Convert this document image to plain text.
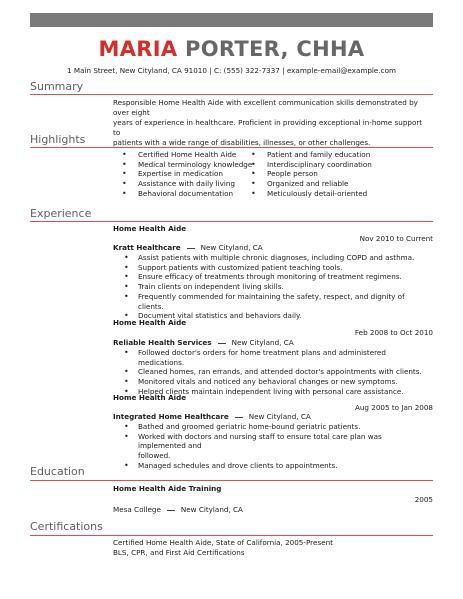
MARIA PORTER, CHHA
1 Main Street, New Cityland, CA 91010 | C: (555) 322-7337 | example-email@example.com
Summary
Responsible Home Health Aide with excellent communication skills demonstrated by over eight
years of experience in healthcare. Proficient in providing exceptional in-home support to
patients with a wide range of disabilities, illnesses, or other challenges.
Highlights
• Certified Home Health Aide
• Medical terminology knowledge
• Expertise in medication
• Assistance with daily living
• Behavioral documentation
• Patient and family education
• Interdisciplinary coordination
• People person
• Organized and reliable
• Meticulously detail-oriented
Experience
Home Health Aide
Nov 2010 to Current
Kratt Healthcare	New Cityland, CA
• Assist patients with multiple chronic diagnoses, including COPD and asthma.
• Support patients with customized patient teaching tools.
• Ensure efficacy of treatments through monitoring of treatment regimens.
• Train clients on independent living skills.
• Frequently commended for maintaining the safety, respect, and dignity of clients.
• Document vital statistics and behaviors daily.
Home Health Aide
Feb 2008 to Oct 2010
Reliable Health Services	New Cityland, CA
• Followed doctor's orders for home treatment plans and administered medications.
• Cleaned homes, ran errands, and attended doctor's appointments with clients.
• Monitored vitals and noticed any behavioral changes or new symptoms.
• Helped clients maintain independent living with personal care assistance.
Home Health Aide
Aug 2005 to Jan 2008
Integrated Home Healthcare	New Cityland, CA
• Bathed and groomed geriatric home-bound geriatric patients.
• Worked with doctors and nursing staff to ensure total care plan was implemented and
followed.
• Managed schedules and drove clients to appointments.
Education
Home Health Aide Training
2005
Mesa College	New Cityland, CA
Certifications
Certified Home Health Aide, State of California, 2005-Present
BLS, CPR, and First Aid Certifications
